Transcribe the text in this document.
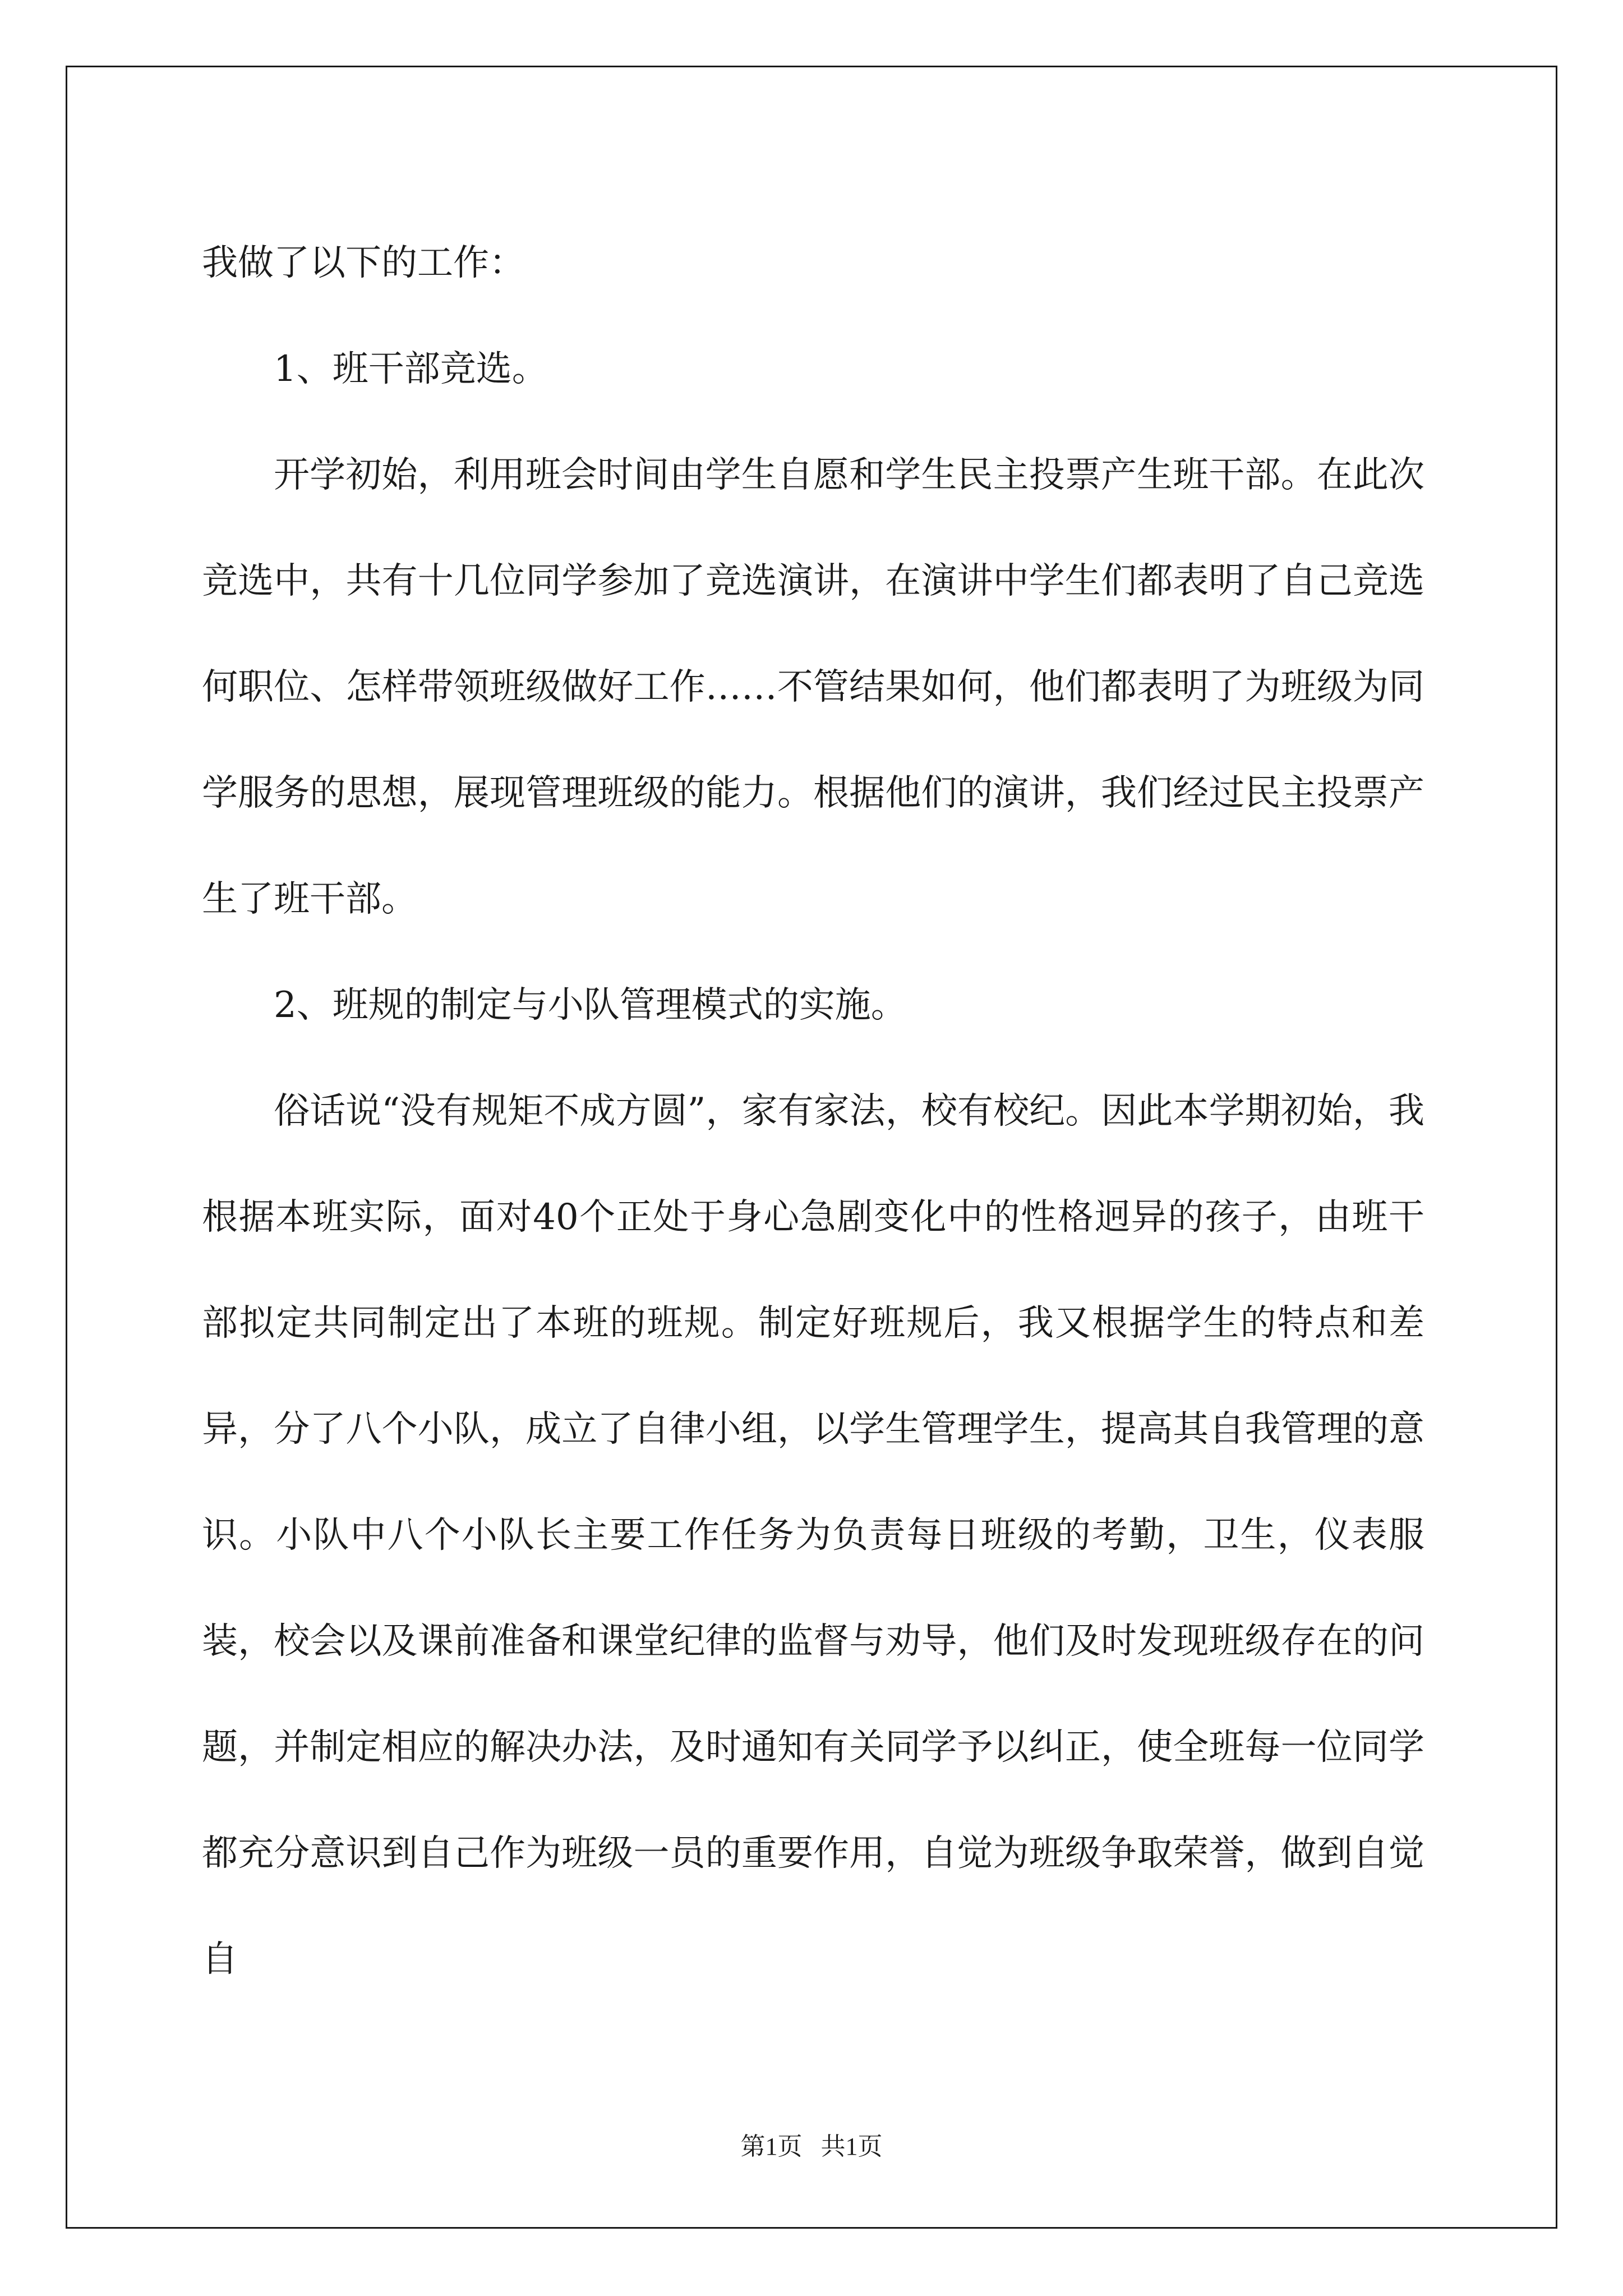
我做了以下的工作：

1、班干部竞选。

开学初始，利用班会时间由学生自愿和学生民主投票产生班干部。在此次竞选中，共有十几位同学参加了竞选演讲，在演讲中学生们都表明了自己竞选何职位、怎样带领班级做好工作……不管结果如何，他们都表明了为班级为同学服务的思想，展现管理班级的能力。根据他们的演讲，我们经过民主投票产生了班干部。

2、班规的制定与小队管理模式的实施。

俗话说“没有规矩不成方圆”，家有家法，校有校纪。因此本学期初始，我根据本班实际，面对40个正处于身心急剧变化中的性格迥异的孩子，由班干部拟定共同制定出了本班的班规。制定好班规后，我又根据学生的特点和差异，分了八个小队，成立了自律小组，以学生管理学生，提高其自我管理的意识。小队中八个小队长主要工作任务为负责每日班级的考勤，卫生，仪表服装，校会以及课前准备和课堂纪律的监督与劝导，他们及时发现班级存在的问题，并制定相应的解决办法，及时通知有关同学予以纠正，使全班每一位同学都充分意识到自己作为班级一员的重要作用，自觉为班级争取荣誉，做到自觉自

第1页   共1页
